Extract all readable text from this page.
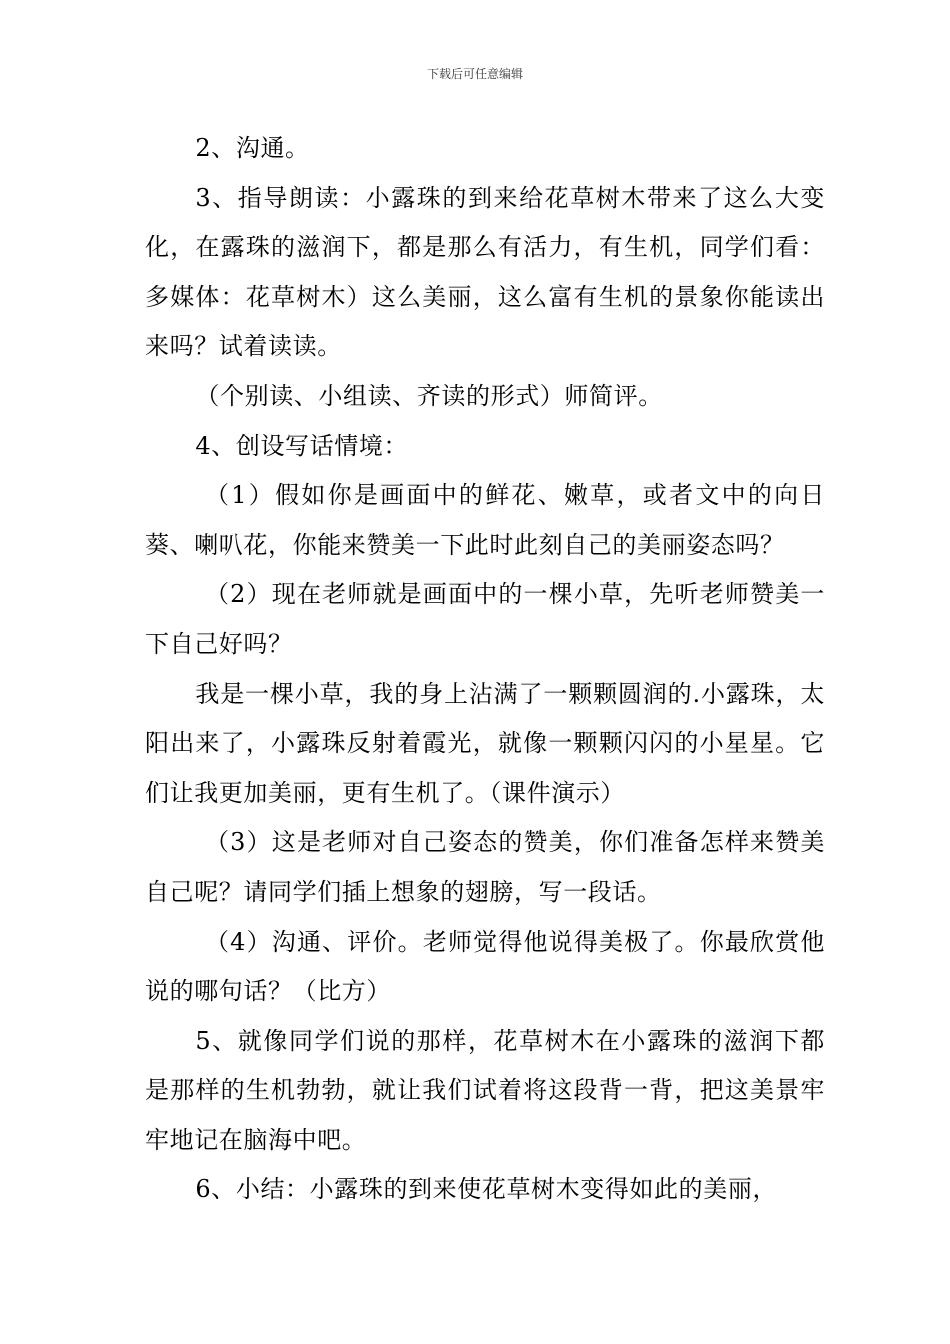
下载后可任意编辑

2、沟通。

3、指导朗读：小露珠的到来给花草树木带来了这么大变化，在露珠的滋润下，都是那么有活力，有生机，同学们看：多媒体：花草树木）这么美丽，这么富有生机的景象你能读出来吗？试着读读。

（个别读、小组读、齐读的形式）师简评。

4、创设写话情境：

（1）假如你是画面中的鲜花、嫩草，或者文中的向日葵、喇叭花，你能来赞美一下此时此刻自己的美丽姿态吗？

（2）现在老师就是画面中的一棵小草，先听老师赞美一下自己好吗？

我是一棵小草，我的身上沾满了一颗颗圆润的.小露珠，太阳出来了，小露珠反射着霞光，就像一颗颗闪闪的小星星。它们让我更加美丽，更有生机了。（课件演示）

（3）这是老师对自己姿态的赞美，你们准备怎样来赞美自己呢？请同学们插上想象的翅膀，写一段话。

（4）沟通、评价。老师觉得他说得美极了。你最欣赏他说的哪句话？（比方）

5、就像同学们说的那样，花草树木在小露珠的滋润下都是那样的生机勃勃，就让我们试着将这段背一背，把这美景牢牢地记在脑海中吧。

6、小结：小露珠的到来使花草树木变得如此的美丽，
